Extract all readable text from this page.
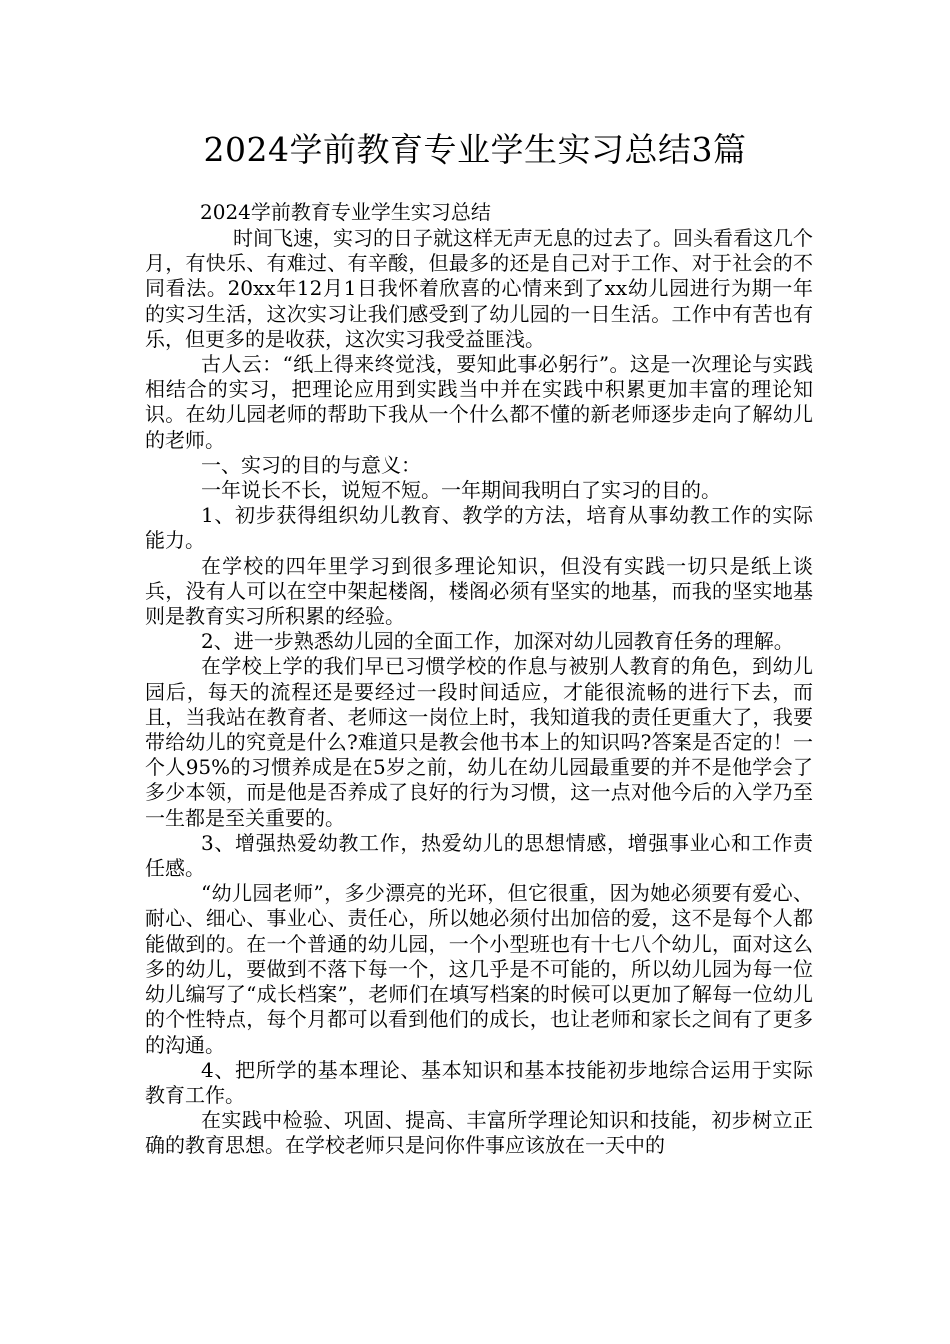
2024学前教育专业学生实习总结3篇
2024学前教育专业学生实习总结

时间飞速，实习的日子就这样无声无息的过去了。回头看看这几个月，有快乐、有难过、有辛酸，但最多的还是自己对于工作、对于社会的不同看法。20xx年12月1日我怀着欣喜的心情来到了xx幼儿园进行为期一年的实习生活，这次实习让我们感受到了幼儿园的一日生活。工作中有苦也有乐，但更多的是收获，这次实习我受益匪浅。

古人云：“纸上得来终觉浅，要知此事必躬行”。这是一次理论与实践相结合的实习，把理论应用到实践当中并在实践中积累更加丰富的理论知识。在幼儿园老师的帮助下我从一个什么都不懂的新老师逐步走向了解幼儿的老师。

一、实习的目的与意义：

一年说长不长，说短不短。一年期间我明白了实习的目的。

1、初步获得组织幼儿教育、教学的方法，培育从事幼教工作的实际能力。

在学校的四年里学习到很多理论知识，但没有实践一切只是纸上谈兵，没有人可以在空中架起楼阁，楼阁必须有坚实的地基，而我的坚实地基则是教育实习所积累的经验。

2、进一步熟悉幼儿园的全面工作，加深对幼儿园教育任务的理解。

在学校上学的我们早已习惯学校的作息与被别人教育的角色，到幼儿园后，每天的流程还是要经过一段时间适应，才能很流畅的进行下去，而且，当我站在教育者、老师这一岗位上时，我知道我的责任更重大了，我要带给幼儿的究竟是什么?难道只是教会他书本上的知识吗?答案是否定的！一个人95%的习惯养成是在5岁之前，幼儿在幼儿园最重要的并不是他学会了多少本领，而是他是否养成了良好的行为习惯，这一点对他今后的入学乃至一生都是至关重要的。

3、增强热爱幼教工作，热爱幼儿的思想情感，增强事业心和工作责任感。

“幼儿园老师”，多少漂亮的光环，但它很重，因为她必须要有爱心、耐心、细心、事业心、责任心，所以她必须付出加倍的爱，这不是每个人都能做到的。在一个普通的幼儿园，一个小型班也有十七八个幼儿，面对这么多的幼儿，要做到不落下每一个，这几乎是不可能的，所以幼儿园为每一位幼儿编写了“成长档案”，老师们在填写档案的时候可以更加了解每一位幼儿的个性特点，每个月都可以看到他们的成长，也让老师和家长之间有了更多的沟通。

4、把所学的基本理论、基本知识和基本技能初步地综合运用于实际教育工作。

在实践中检验、巩固、提高、丰富所学理论知识和技能，初步树立正确的教育思想。在学校老师只是问你件事应该放在一天中的
